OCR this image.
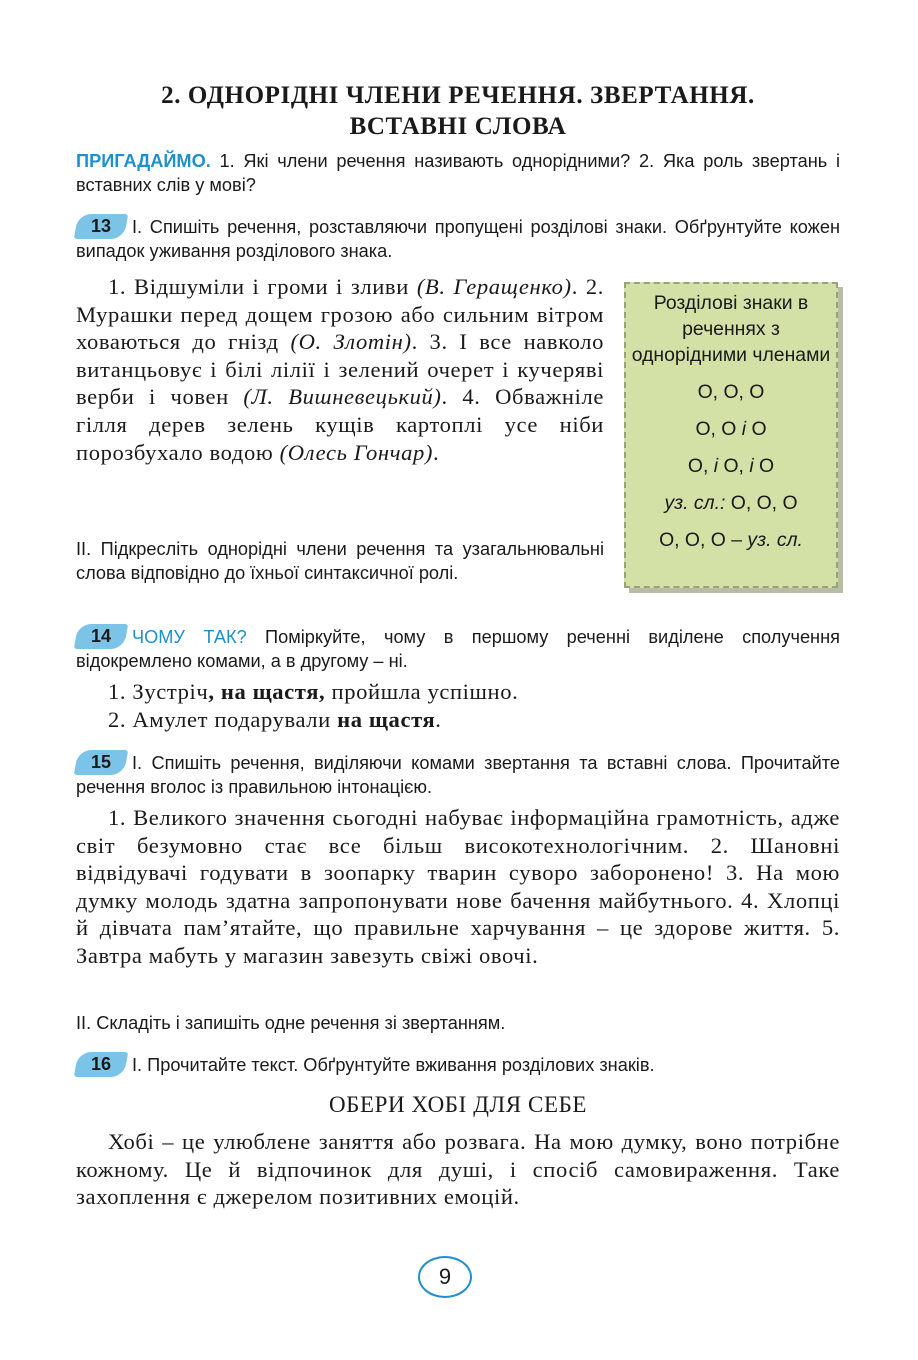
2. ОДНОРІДНІ ЧЛЕНИ РЕЧЕННЯ. ЗВЕРТАННЯ.
ВСТАВНІ СЛОВА

ПРИГАДАЙМО. 1. Які члени речення називають однорідними? 2. Яка роль звертань і вставних слів у мові?

13 І. Спишіть речення, розставляючи пропущені розділові знаки. Обґрунтуйте кожен випадок уживання розділового знака.

1. Відшуміли і громи і зливи (В. Геращенко). 2. Мурашки перед дощем грозою або сильним вітром ховаються до гнізд (О. Злотін). 3. І все навколо витанцьовує і білі лілії і зелений очерет і кучеряві верби і човен (Л. Вишневецький). 4. Обважніле гілля дерев зелень кущів картоплі усе ніби порозбухало водою (Олесь Гончар).

ІІ. Підкресліть однорідні члени речення та узагальнювальні слова відповідно до їхньої синтаксичної ролі.

14 ЧОМУ ТАК? Поміркуйте, чому в першому реченні виділене сполучення відокремлено комами, а в другому – ні.

1. Зустріч, на щастя, пройшла успішно.
2. Амулет подарували на щастя.

15 І. Спишіть речення, виділяючи комами звертання та вставні слова. Прочитайте речення вголос із правильною інтонацією.

1. Великого значення сьогодні набуває інформаційна грамотність, адже світ безумовно стає все більш високотехнологічним. 2. Шановні відвідувачі годувати в зоопарку тварин суворо заборонено! 3. На мою думку молодь здатна запропонувати нове бачення майбутнього. 4. Хлопці й дівчата пам’ятайте, що правильне харчування – це здорове життя. 5. Завтра мабуть у магазин завезуть свіжі овочі.

ІІ. Складіть і запишіть одне речення зі звертанням.

16 І. Прочитайте текст. Обґрунтуйте вживання розділових знаків.

ОБЕРИ ХОБІ ДЛЯ СЕБЕ

Хобі – це улюблене заняття або розвага. На мою думку, воно потрібне кожному. Це й відпочинок для душі, і спосіб самовираження. Таке захоплення є джерелом позитивних емоцій.

Розділові знаки в реченнях з однорідними членами
О, О, О
О, О і О
О, і О, і О
уз. сл.: О, О, О
О, О, О – уз. сл.
9
